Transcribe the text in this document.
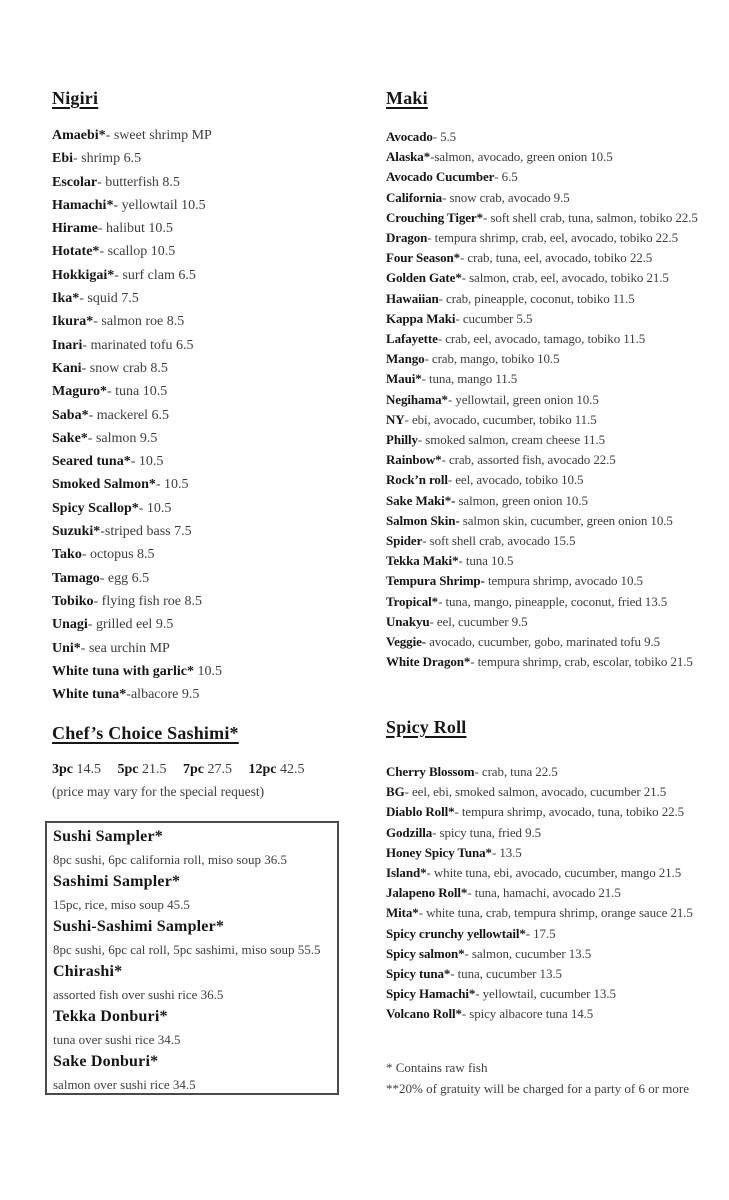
Nigiri
Amaebi*- sweet shrimp MP
Ebi- shrimp 6.5
Escolar- butterfish 8.5
Hamachi*- yellowtail 10.5
Hirame- halibut 10.5
Hotate*- scallop 10.5
Hokkigai*- surf clam 6.5
Ika*- squid 7.5
Ikura*- salmon roe 8.5
Inari- marinated tofu 6.5
Kani- snow crab 8.5
Maguro*- tuna 10.5
Saba*- mackerel 6.5
Sake*- salmon 9.5
Seared tuna*- 10.5
Smoked Salmon*- 10.5
Spicy Scallop*- 10.5
Suzuki*-striped bass 7.5
Tako- octopus 8.5
Tamago- egg 6.5
Tobiko- flying fish roe 8.5
Unagi- grilled eel 9.5
Uni*- sea urchin MP
White tuna with garlic* 10.5
White tuna*-albacore 9.5
Chef’s Choice Sashimi*
3pc 14.5 5pc 21.5 7pc 27.5 12pc 42.5
(price may vary for the special request)
Sushi Sampler*
8pc sushi, 6pc california roll, miso soup 36.5
Sashimi Sampler*
15pc, rice, miso soup 45.5
Sushi-Sashimi Sampler*
8pc sushi, 6pc cal roll, 5pc sashimi, miso soup 55.5
Chirashi*
assorted fish over sushi rice 36.5
Tekka Donburi*
tuna over sushi rice 34.5
Sake Donburi*
salmon over sushi rice 34.5
Maki
Avocado- 5.5
Alaska*-salmon, avocado, green onion 10.5
Avocado Cucumber- 6.5
California- snow crab, avocado 9.5
Crouching Tiger*- soft shell crab, tuna, salmon, tobiko 22.5
Dragon- tempura shrimp, crab, eel, avocado, tobiko 22.5
Four Season*- crab, tuna, eel, avocado, tobiko 22.5
Golden Gate*- salmon, crab, eel, avocado, tobiko 21.5
Hawaiian- crab, pineapple, coconut, tobiko 11.5
Kappa Maki- cucumber 5.5
Lafayette- crab, eel, avocado, tamago, tobiko 11.5
Mango- crab, mango, tobiko 10.5
Maui*- tuna, mango 11.5
Negihama*- yellowtail, green onion 10.5
NY- ebi, avocado, cucumber, tobiko 11.5
Philly- smoked salmon, cream cheese 11.5
Rainbow*- crab, assorted fish, avocado 22.5
Rock’n roll- eel, avocado, tobiko 10.5
Sake Maki*- salmon, green onion 10.5
Salmon Skin- salmon skin, cucumber, green onion 10.5
Spider- soft shell crab, avocado 15.5
Tekka Maki*- tuna 10.5
Tempura Shrimp- tempura shrimp, avocado 10.5
Tropical*- tuna, mango, pineapple, coconut, fried 13.5
Unakyu- eel, cucumber 9.5
Veggie- avocado, cucumber, gobo, marinated tofu 9.5
White Dragon*- tempura shrimp, crab, escolar, tobiko 21.5
Spicy Roll
Cherry Blossom- crab, tuna 22.5
BG- eel, ebi, smoked salmon, avocado, cucumber 21.5
Diablo Roll*- tempura shrimp, avocado, tuna, tobiko 22.5
Godzilla- spicy tuna, fried 9.5
Honey Spicy Tuna*- 13.5
Island*- white tuna, ebi, avocado, cucumber, mango 21.5
Jalapeno Roll*- tuna, hamachi, avocado 21.5
Mita*- white tuna, crab, tempura shrimp, orange sauce 21.5
Spicy crunchy yellowtail*- 17.5
Spicy salmon*- salmon, cucumber 13.5
Spicy tuna*- tuna, cucumber 13.5
Spicy Hamachi*- yellowtail, cucumber 13.5
Volcano Roll*- spicy albacore tuna 14.5
* Contains raw fish
**20% of gratuity will be charged for a party of 6 or more
